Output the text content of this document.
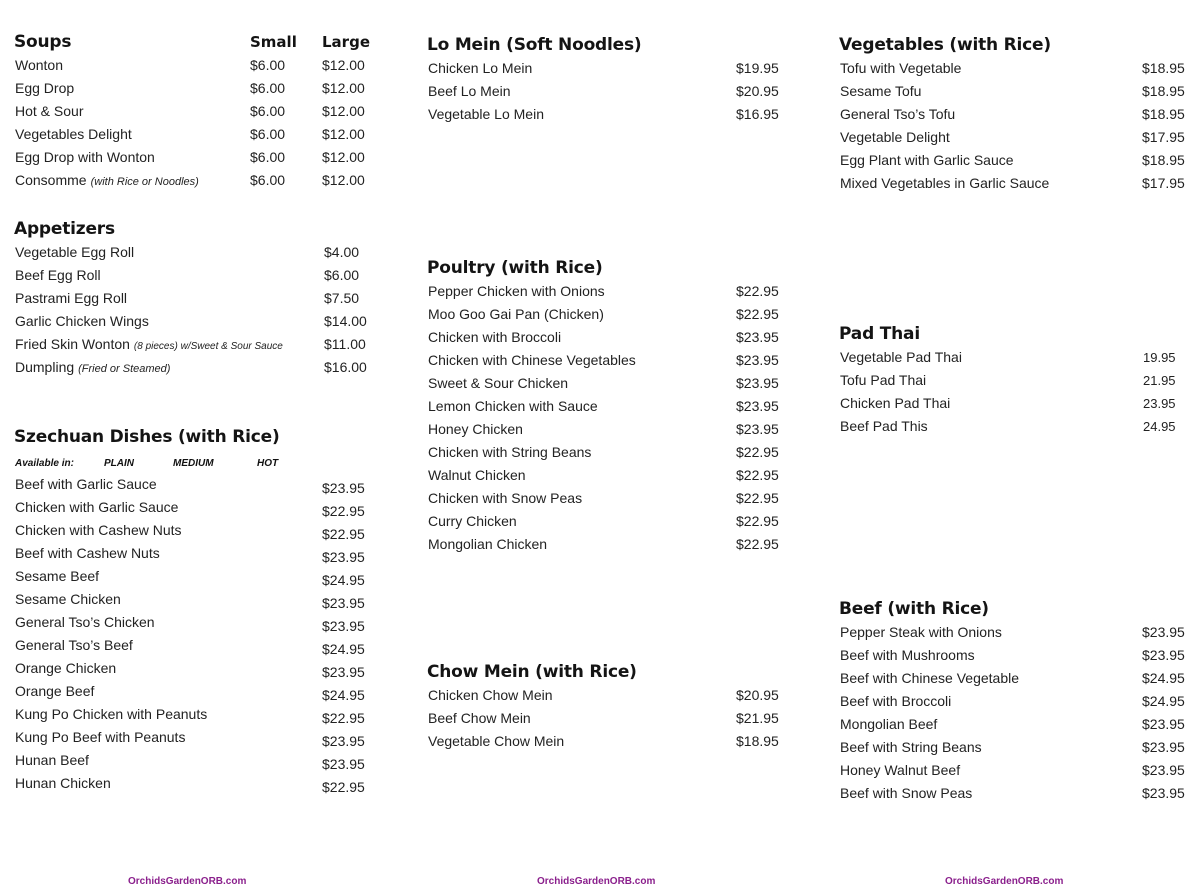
Soups	Small Large
Wonton	$6.00	$12.00
Egg Drop	$6.00	$12.00
Hot & Sour	$6.00	$12.00
Vegetables Delight	$6.00	$12.00
Egg Drop with Wonton	$6.00	$12.00
Consomme (with Rice or Noodles)	$6.00	$12.00
Appetizers
Vegetable Egg Roll	$4.00
Beef Egg Roll	$6.00
Pastrami Egg Roll	$7.50
Garlic Chicken Wings	$14.00
Fried Skin Wonton (8 pieces) w/Sweet & Sour Sauce	$11.00
Dumpling (Fried or Steamed)	$16.00
Szechuan Dishes (with Rice)
Available in:	PLAIN	MEDIUM	HOT
Beef with Garlic Sauce	$23.95
Chicken with Garlic Sauce	$22.95
Chicken with Cashew Nuts	$22.95
Beef with Cashew Nuts	$23.95
Sesame Beef	$24.95
Sesame Chicken	$23.95
General Tso’s Chicken	$23.95
General Tso’s Beef	$24.95
Orange Chicken	$23.95
Orange Beef	$24.95
Kung Po Chicken with Peanuts	$22.95
Kung Po Beef with Peanuts	$23.95
Hunan Beef	$23.95
Hunan Chicken	$22.95
OrchidsGardenORB.com
Lo Mein (Soft Noodles)
Chicken Lo Mein	$19.95
Beef Lo Mein	$20.95
Vegetable Lo Mein	$16.95
Poultry (with Rice)
Pepper Chicken with Onions	$22.95
Moo Goo Gai Pan (Chicken)	$22.95
Chicken with Broccoli	$23.95
Chicken with Chinese Vegetables	$23.95
Sweet & Sour Chicken	$23.95
Lemon Chicken with Sauce	$23.95
Honey Chicken	$23.95
Chicken with String Beans	$22.95
Walnut Chicken	$22.95
Chicken with Snow Peas	$22.95
Curry Chicken	$22.95
Mongolian Chicken	$22.95
Chow Mein (with Rice)
Chicken Chow Mein	$20.95
Beef Chow Mein	$21.95
Vegetable Chow Mein	$18.95
OrchidsGardenORB.com
Vegetables (with Rice)
Tofu with Vegetable	$18.95
Sesame Tofu	$18.95
General Tso’s Tofu	$18.95
Vegetable Delight	$17.95
Egg Plant with Garlic Sauce	$18.95
Mixed Vegetables in Garlic Sauce	$17.95
Pad Thai
Vegetable Pad Thai	19.95
Tofu Pad Thai	21.95
Chicken Pad Thai	23.95
Beef Pad This	24.95
Beef (with Rice)
Pepper Steak with Onions	$23.95
Beef with Mushrooms	$23.95
Beef with Chinese Vegetable	$24.95
Beef with Broccoli	$24.95
Mongolian Beef	$23.95
Beef with String Beans	$23.95
Honey Walnut Beef	$23.95
Beef with Snow Peas	$23.95
OrchidsGardenORB.com
